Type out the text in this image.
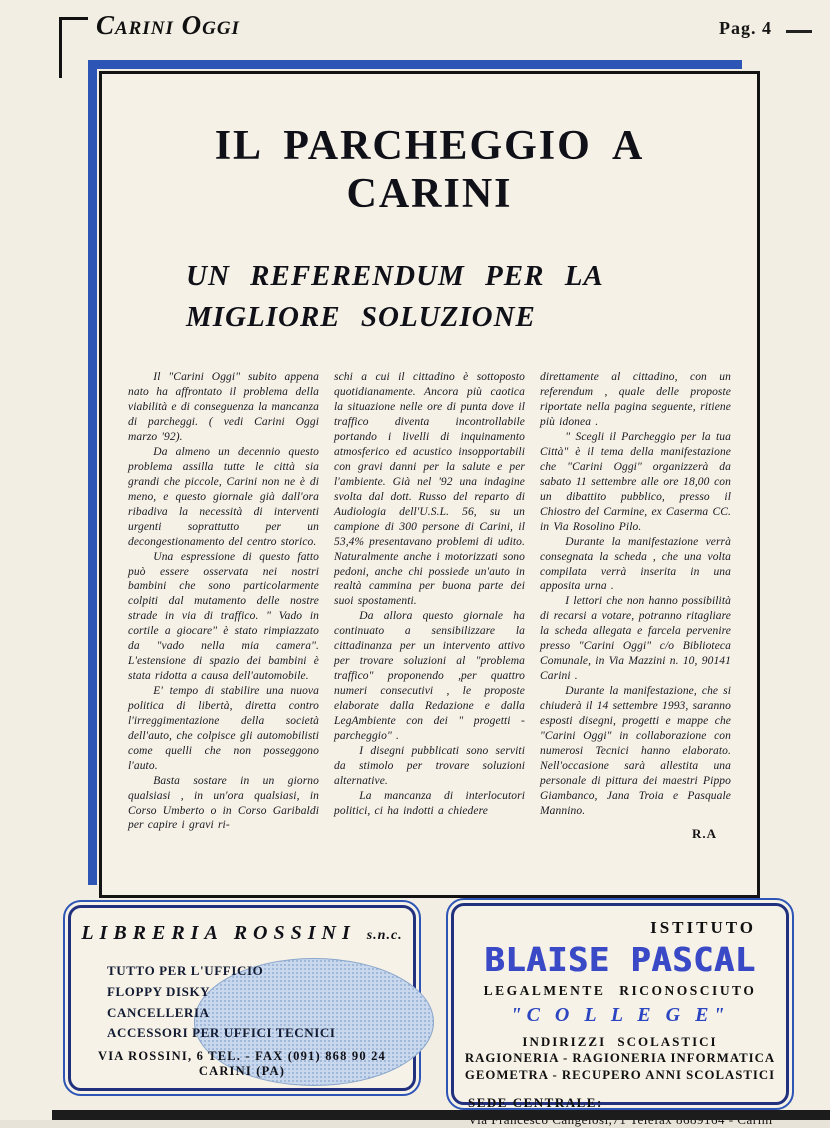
Carini Oggi	Pag. 4
IL PARCHEGGIO A CARINI
UN REFERENDUM PER LA
MIGLIORE SOLUZIONE

Il "Carini Oggi" subito appena nato ha affrontato il problema della viabilità e di conseguenza la mancanza di parcheggi. ( vedi Carini Oggi marzo '92).

Da almeno un decennio questo problema assilla tutte le città sia grandi che piccole, Carini non ne è di meno, e questo giornale già dall'ora ribadiva la necessità di interventi urgenti soprattutto per un decongestionamento del centro storico.

Una espressione di questo fatto può essere osservata nei nostri bambini che sono particolarmente colpiti dal mutamento delle nostre strade in via di traffico. " Vado in cortile a giocare" è stato rimpiazzato da "vado nella mia camera". L'estensione di spazio dei bambini è stata ridotta a causa dell'automobile.

E' tempo di stabilire una nuova politica di libertà, diretta contro l'irreggimentazione della società dell'auto, che colpisce gli automobilisti come quelli che non posseggono l'auto.

Basta sostare in un giorno qualsiasi , in un'ora qualsiasi, in Corso Umberto o in Corso Garibaldi per capire i gravi ri-

schi a cui il cittadino è sottoposto quotidianamente. Ancora più caotica la situazione nelle ore di punta dove il traffico diventa incontrollabile portando i livelli di inquinamento atmosferico ed acustico insopportabili con gravi danni per la salute e per l'ambiente. Già nel '92 una indagine svolta dal dott. Russo del reparto di Audiologia dell'U.S.L. 56, su un campione di 300 persone di Carini, il 53,4% presentavano problemi di udito. Naturalmente anche i motorizzati sono pedoni, anche chi possiede un'auto in realtà cammina per buona parte dei suoi spostamenti.

Da allora questo giornale ha continuato a sensibilizzare la cittadinanza per un intervento attivo per trovare soluzioni al "problema traffico" proponendo ,per quattro numeri consecutivi , le proposte elaborate dalla Redazione e dalla LegAmbiente con dei " progetti -parcheggio" .

I disegni pubblicati sono serviti da stimolo per trovare soluzioni alternative.

La mancanza di interlocutori politici, ci ha indotti a chiedere

direttamente al cittadino, con un referendum , quale delle proposte riportate nella pagina seguente, ritiene più idonea .

" Scegli il Parcheggio per la tua Città" è il tema della manifestazione che "Carini Oggi" organizzerà da sabato 11 settembre alle ore 18,00 con un dibattito pubblico, presso il Chiostro del Carmine, ex Caserma CC. in Via Rosolino Pilo.

Durante la manifestazione verrà consegnata la scheda , che una volta compilata verrà inserita in una apposita urna .

I lettori che non hanno possibilità di recarsi a votare, potranno ritagliare la scheda allegata e farcela pervenire presso "Carini Oggi" c/o Biblioteca Comunale, in Via Mazzini n. 10, 90141 Carini .

Durante la manifestazione, che si chiuderà il 14 settembre 1993, saranno esposti disegni, progetti e mappe che "Carini Oggi" in collaborazione con numerosi Tecnici hanno elaborato. Nell'occasione sarà allestita una personale di pittura dei maestri Pippo Giambanco, Jana Troia e Pasquale Mannino.

R.A
LIBRERIA ROSSINI s.n.c.
TUTTO PER L'UFFICIO
FLOPPY DISKY
CANCELLERIA
ACCESSORI PER UFFICI TECNICI
VIA ROSSINI, 6 TEL. - FAX (091) 868 90 24 CARINI (PA)
ISTITUTO
BLAISE PASCAL
LEGALMENTE RICONOSCIUTO
"C O L L E G E"
INDIRIZZI SCOLASTICI
RAGIONERIA - RAGIONERIA INFORMATICA
GEOMETRA - RECUPERO ANNI SCOLASTICI
SEDE CENTRALE:
